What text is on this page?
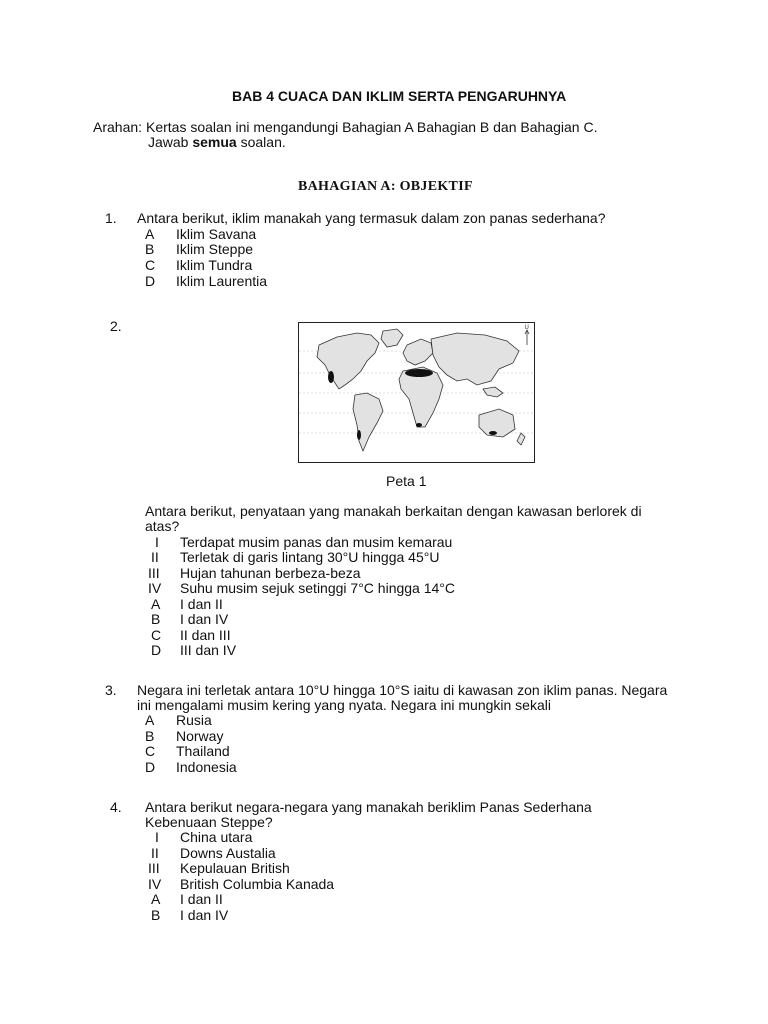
BAB 4 CUACA DAN IKLIM SERTA PENGARUHNYA
Arahan: Kertas soalan ini mengandungi Bahagian A Bahagian B dan Bahagian C.
Jawab semua soalan.
BAHAGIAN A: OBJEKTIF
1. Antara berikut, iklim manakah yang termasuk dalam zon panas sederhana?
A Iklim Savana
B Iklim Steppe
C Iklim Tundra
D Iklim Laurentia
2.	U
Peta 1
Antara berikut, penyataan yang manakah berkaitan dengan kawasan berlorek di
atas?
I Terdapat musim panas dan musim kemarau
II Terletak di garis lintang 30°U hingga 45°U
III Hujan tahunan berbeza-beza
IV Suhu musim sejuk setinggi 7°C hingga 14°C
A I dan II
B I dan IV
C II dan III
D III dan IV
3. Negara ini terletak antara 10°U hingga 10°S iaitu di kawasan zon iklim panas. Negara
ini mengalami musim kering yang nyata. Negara ini mungkin sekali
A Rusia
B Norway
C Thailand
D Indonesia
4. Antara berikut negara-negara yang manakah beriklim Panas Sederhana
Kebenuaan Steppe?
I China utara
II Downs Austalia
III Kepulauan British
IV British Columbia Kanada
A I dan II
B I dan IV
